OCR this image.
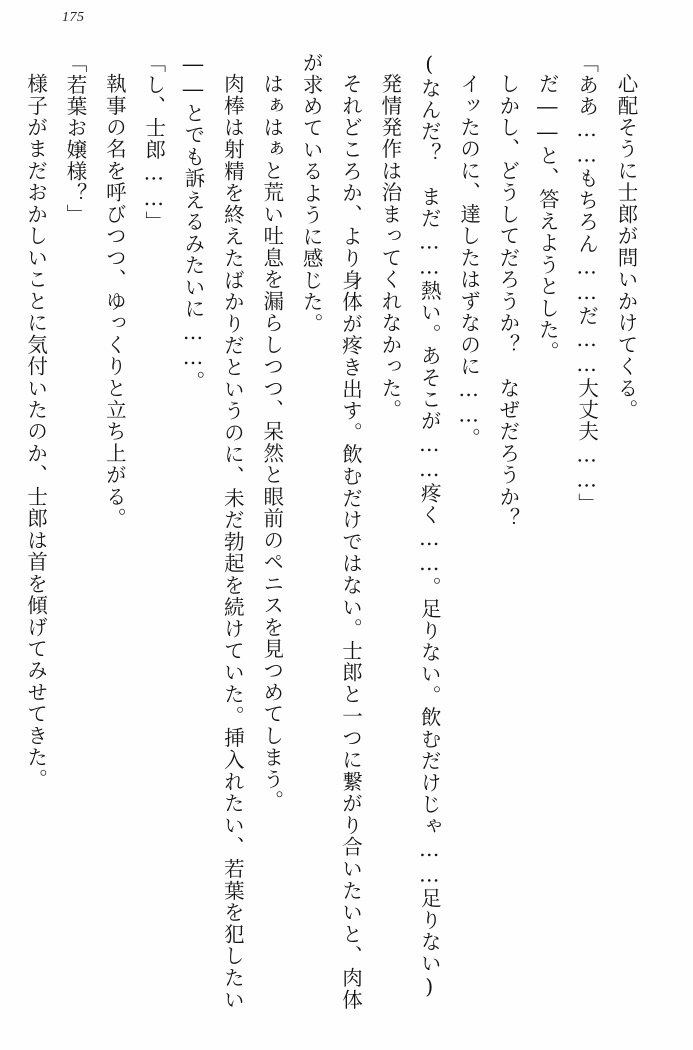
175

心配そうに士郎が問いかけてくる。

「ああ……もちろん……だ……大丈夫……」

だ――と、答えようとした。

しかし、どうしてだろうか？　なぜだろうか？

イッたのに、達したはずなのに……。

(なんだ？　まだ……熱い。あそこが……疼く……。足りない。飲むだけじゃ……足りない)

発情発作は治まってくれなかった。

それどころか、より身体が疼き出す。飲むだけではない。士郎と一つに繋がり合いたいと、肉体が求めているように感じた。

はぁはぁと荒い吐息を漏らしつつ、呆然と眼前のペニスを見つめてしまう。

肉棒は射精を終えたばかりだというのに、未だ勃起を続けていた。挿入れたい、若葉を犯したい――とでも訴えるみたいに……。

「し、士郎……」

執事の名を呼びつつ、ゆっくりと立ち上がる。

「若葉お嬢様？」

様子がまだおかしいことに気付いたのか、士郎は首を傾げてみせてきた。
